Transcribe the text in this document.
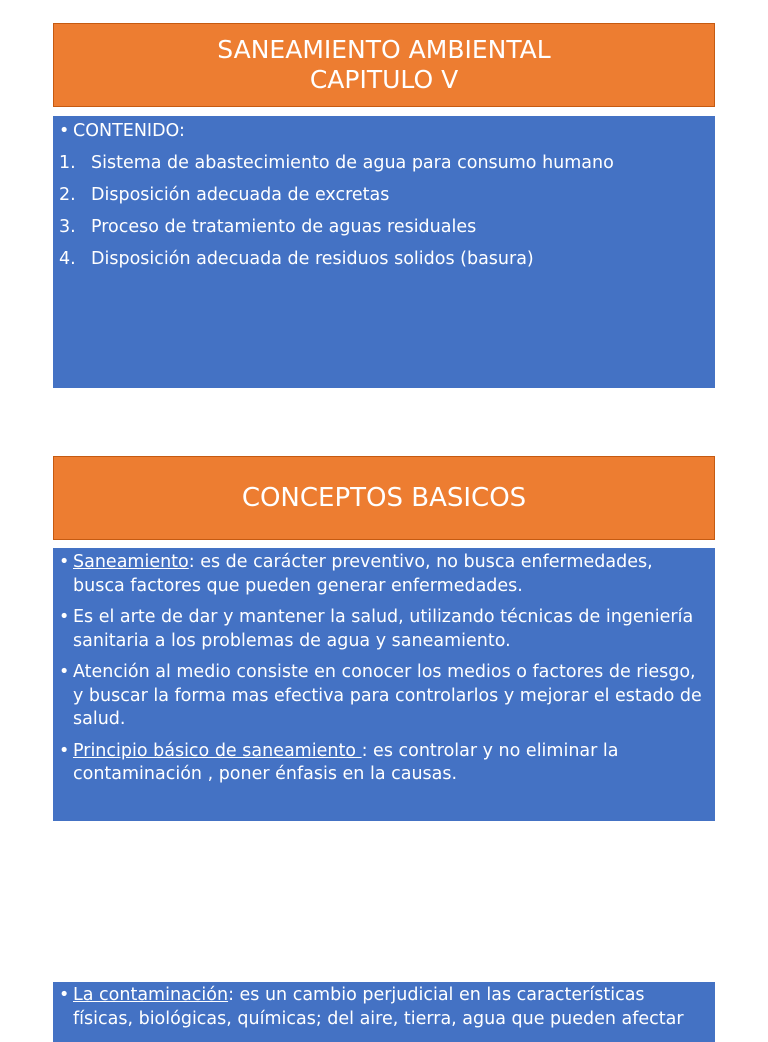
SANEAMIENTO AMBIENTAL
CAPITULO V
• CONTENIDO:
1. Sistema de abastecimiento de agua para consumo humano
2. Disposición adecuada de excretas
3. Proceso de tratamiento de aguas residuales
4. Disposición adecuada de residuos solidos (basura)
CONCEPTOS BASICOS
• Saneamiento: es de carácter preventivo, no busca enfermedades, busca factores que pueden generar enfermedades.
• Es el arte de dar y mantener la salud, utilizando técnicas de ingeniería sanitaria a los problemas de agua y saneamiento.
• Atención al medio consiste en conocer los medios o factores de riesgo, y buscar la forma mas efectiva para controlarlos y mejorar el estado de salud.
• Principio básico de saneamiento : es controlar y no eliminar la contaminación , poner énfasis en la causas.
• La contaminación: es un cambio perjudicial en las características físicas, biológicas, químicas; del aire, tierra, agua que pueden afectar
